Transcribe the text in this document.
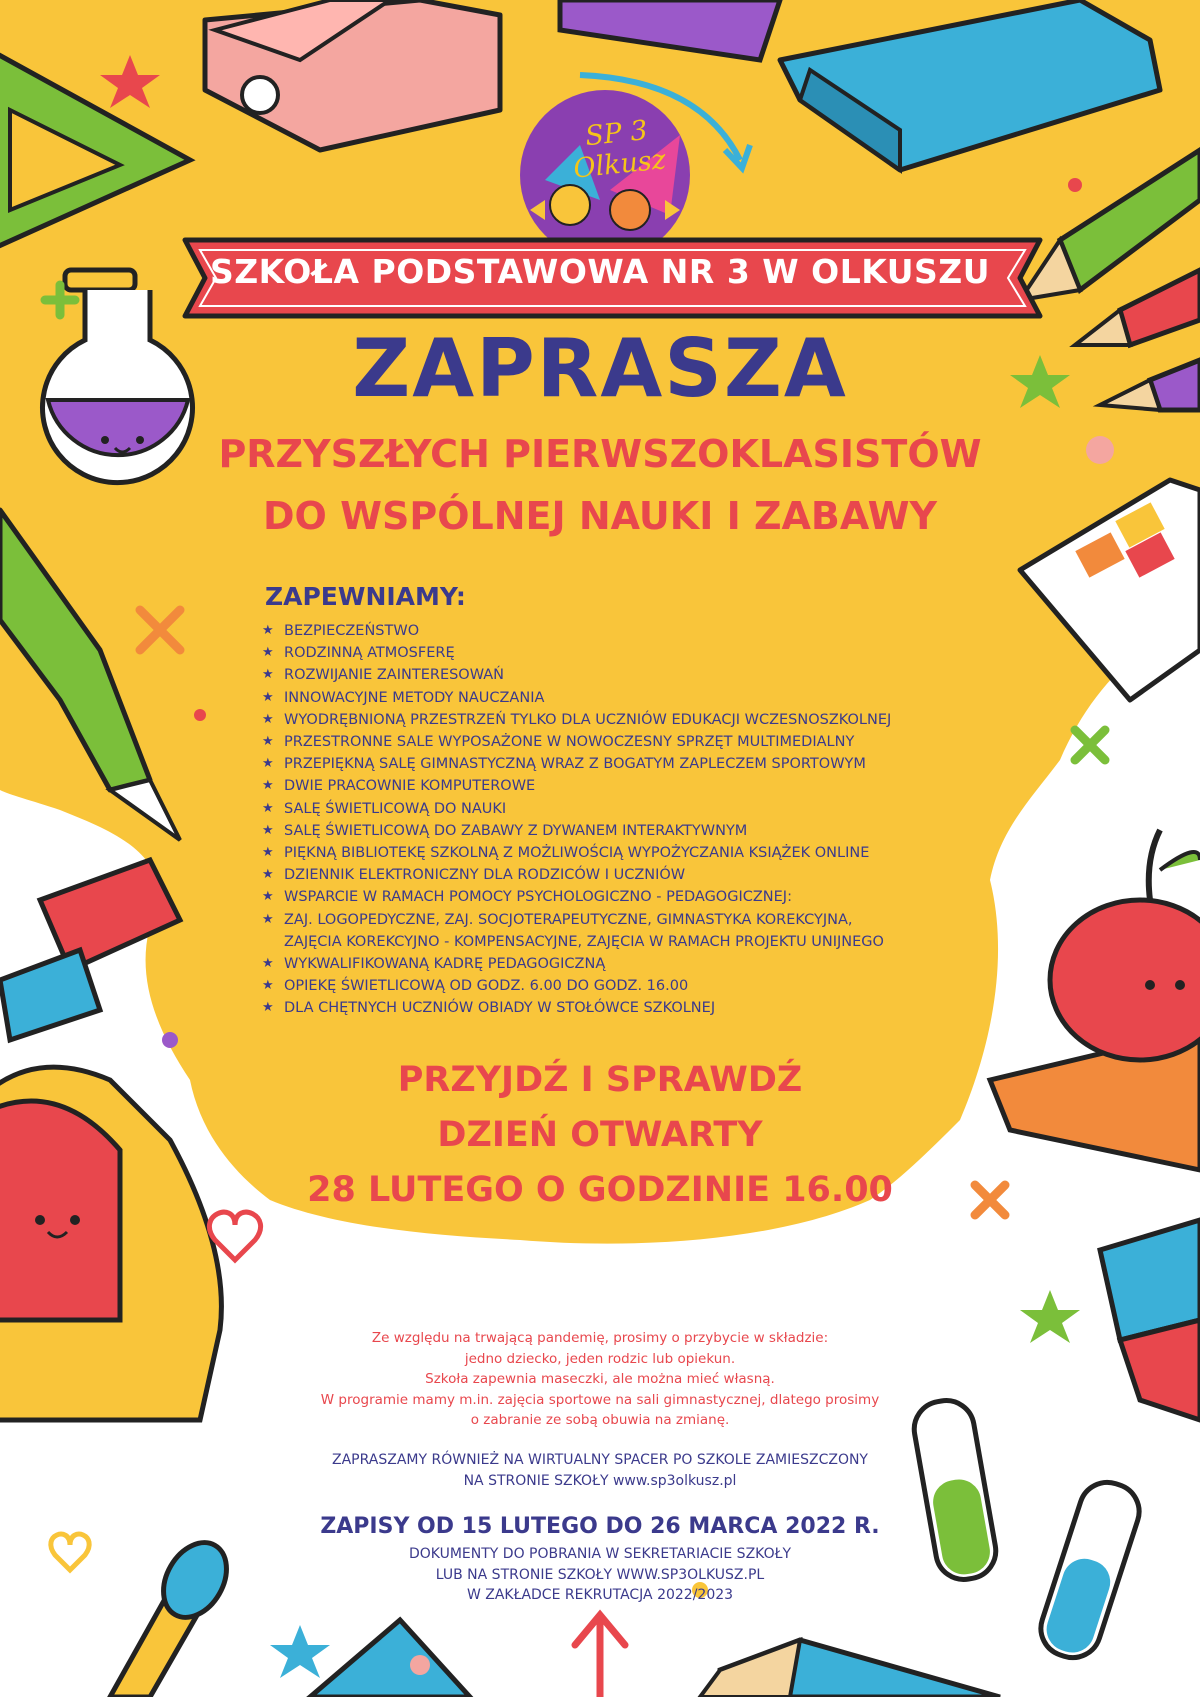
SP 3 Olkusz
SZKOŁA PODSTAWOWA NR 3 W OLKUSZU
ZAPRASZA
PRZYSZŁYCH PIERWSZOKLASISTÓW
DO WSPÓLNEJ NAUKI I ZABAWY
ZAPEWNIAMY:
★ BEZPIECZEŃSTWO
★ RODZINNĄ ATMOSFERĘ
★ ROZWIJANIE ZAINTERESOWAŃ
★ INNOWACYJNE METODY NAUCZANIA
★ WYODRĘBNIONĄ PRZESTRZEŃ TYLKO DLA UCZNIÓW EDUKACJI WCZESNOSZKOLNEJ
★ PRZESTRONNE SALE WYPOSAŻONE W NOWOCZESNY SPRZĘT MULTIMEDIALNY
★ PRZEPIĘKNĄ SALĘ GIMNASTYCZNĄ WRAZ Z BOGATYM ZAPLECZEM SPORTOWYM
★ DWIE PRACOWNIE KOMPUTEROWE
★ SALĘ ŚWIETLICOWĄ DO NAUKI
★ SALĘ ŚWIETLICOWĄ DO ZABAWY Z DYWANEM INTERAKTYWNYM
★ PIĘKNĄ BIBLIOTEKĘ SZKOLNĄ Z MOŻLIWOŚCIĄ WYPOŻYCZANIA KSIĄŻEK ONLINE
★ DZIENNIK ELEKTRONICZNY DLA RODZICÓW I UCZNIÓW
★ WSPARCIE W RAMACH POMOCY PSYCHOLOGICZNO - PEDAGOGICZNEJ:
★ ZAJ. LOGOPEDYCZNE, ZAJ. SOCJOTERAPEUTYCZNE, GIMNASTYKA KOREKCYJNA,
ZAJĘCIA KOREKCYJNO - KOMPENSACYJNE, ZAJĘCIA W RAMACH PROJEKTU UNIJNEGO
★ WYKWALIFIKOWANĄ KADRĘ PEDAGOGICZNĄ
★ OPIEKĘ ŚWIETLICOWĄ OD GODZ. 6.00 DO GODZ. 16.00
★ DLA CHĘTNYCH UCZNIÓW OBIADY W STOŁÓWCE SZKOLNEJ
PRZYJDŹ I SPRAWDŹ
DZIEŃ OTWARTY
28 LUTEGO O GODZINIE 16.00
Ze względu na trwającą pandemię, prosimy o przybycie w składzie:
jedno dziecko, jeden rodzic lub opiekun.
Szkoła zapewnia maseczki, ale można mieć własną.
W programie mamy m.in. zajęcia sportowe na sali gimnastycznej, dlatego prosimy
o zabranie ze sobą obuwia na zmianę.
ZAPRASZAMY RÓWNIEŻ NA WIRTUALNY SPACER PO SZKOLE ZAMIESZCZONY
NA STRONIE SZKOŁY www.sp3olkusz.pl
ZAPISY OD 15 LUTEGO DO 26 MARCA 2022 R.
DOKUMENTY DO POBRANIA W SEKRETARIACIE SZKOŁY
LUB NA STRONIE SZKOŁY WWW.SP3OLKUSZ.PL
W ZAKŁADCE REKRUTACJA 2022/2023
